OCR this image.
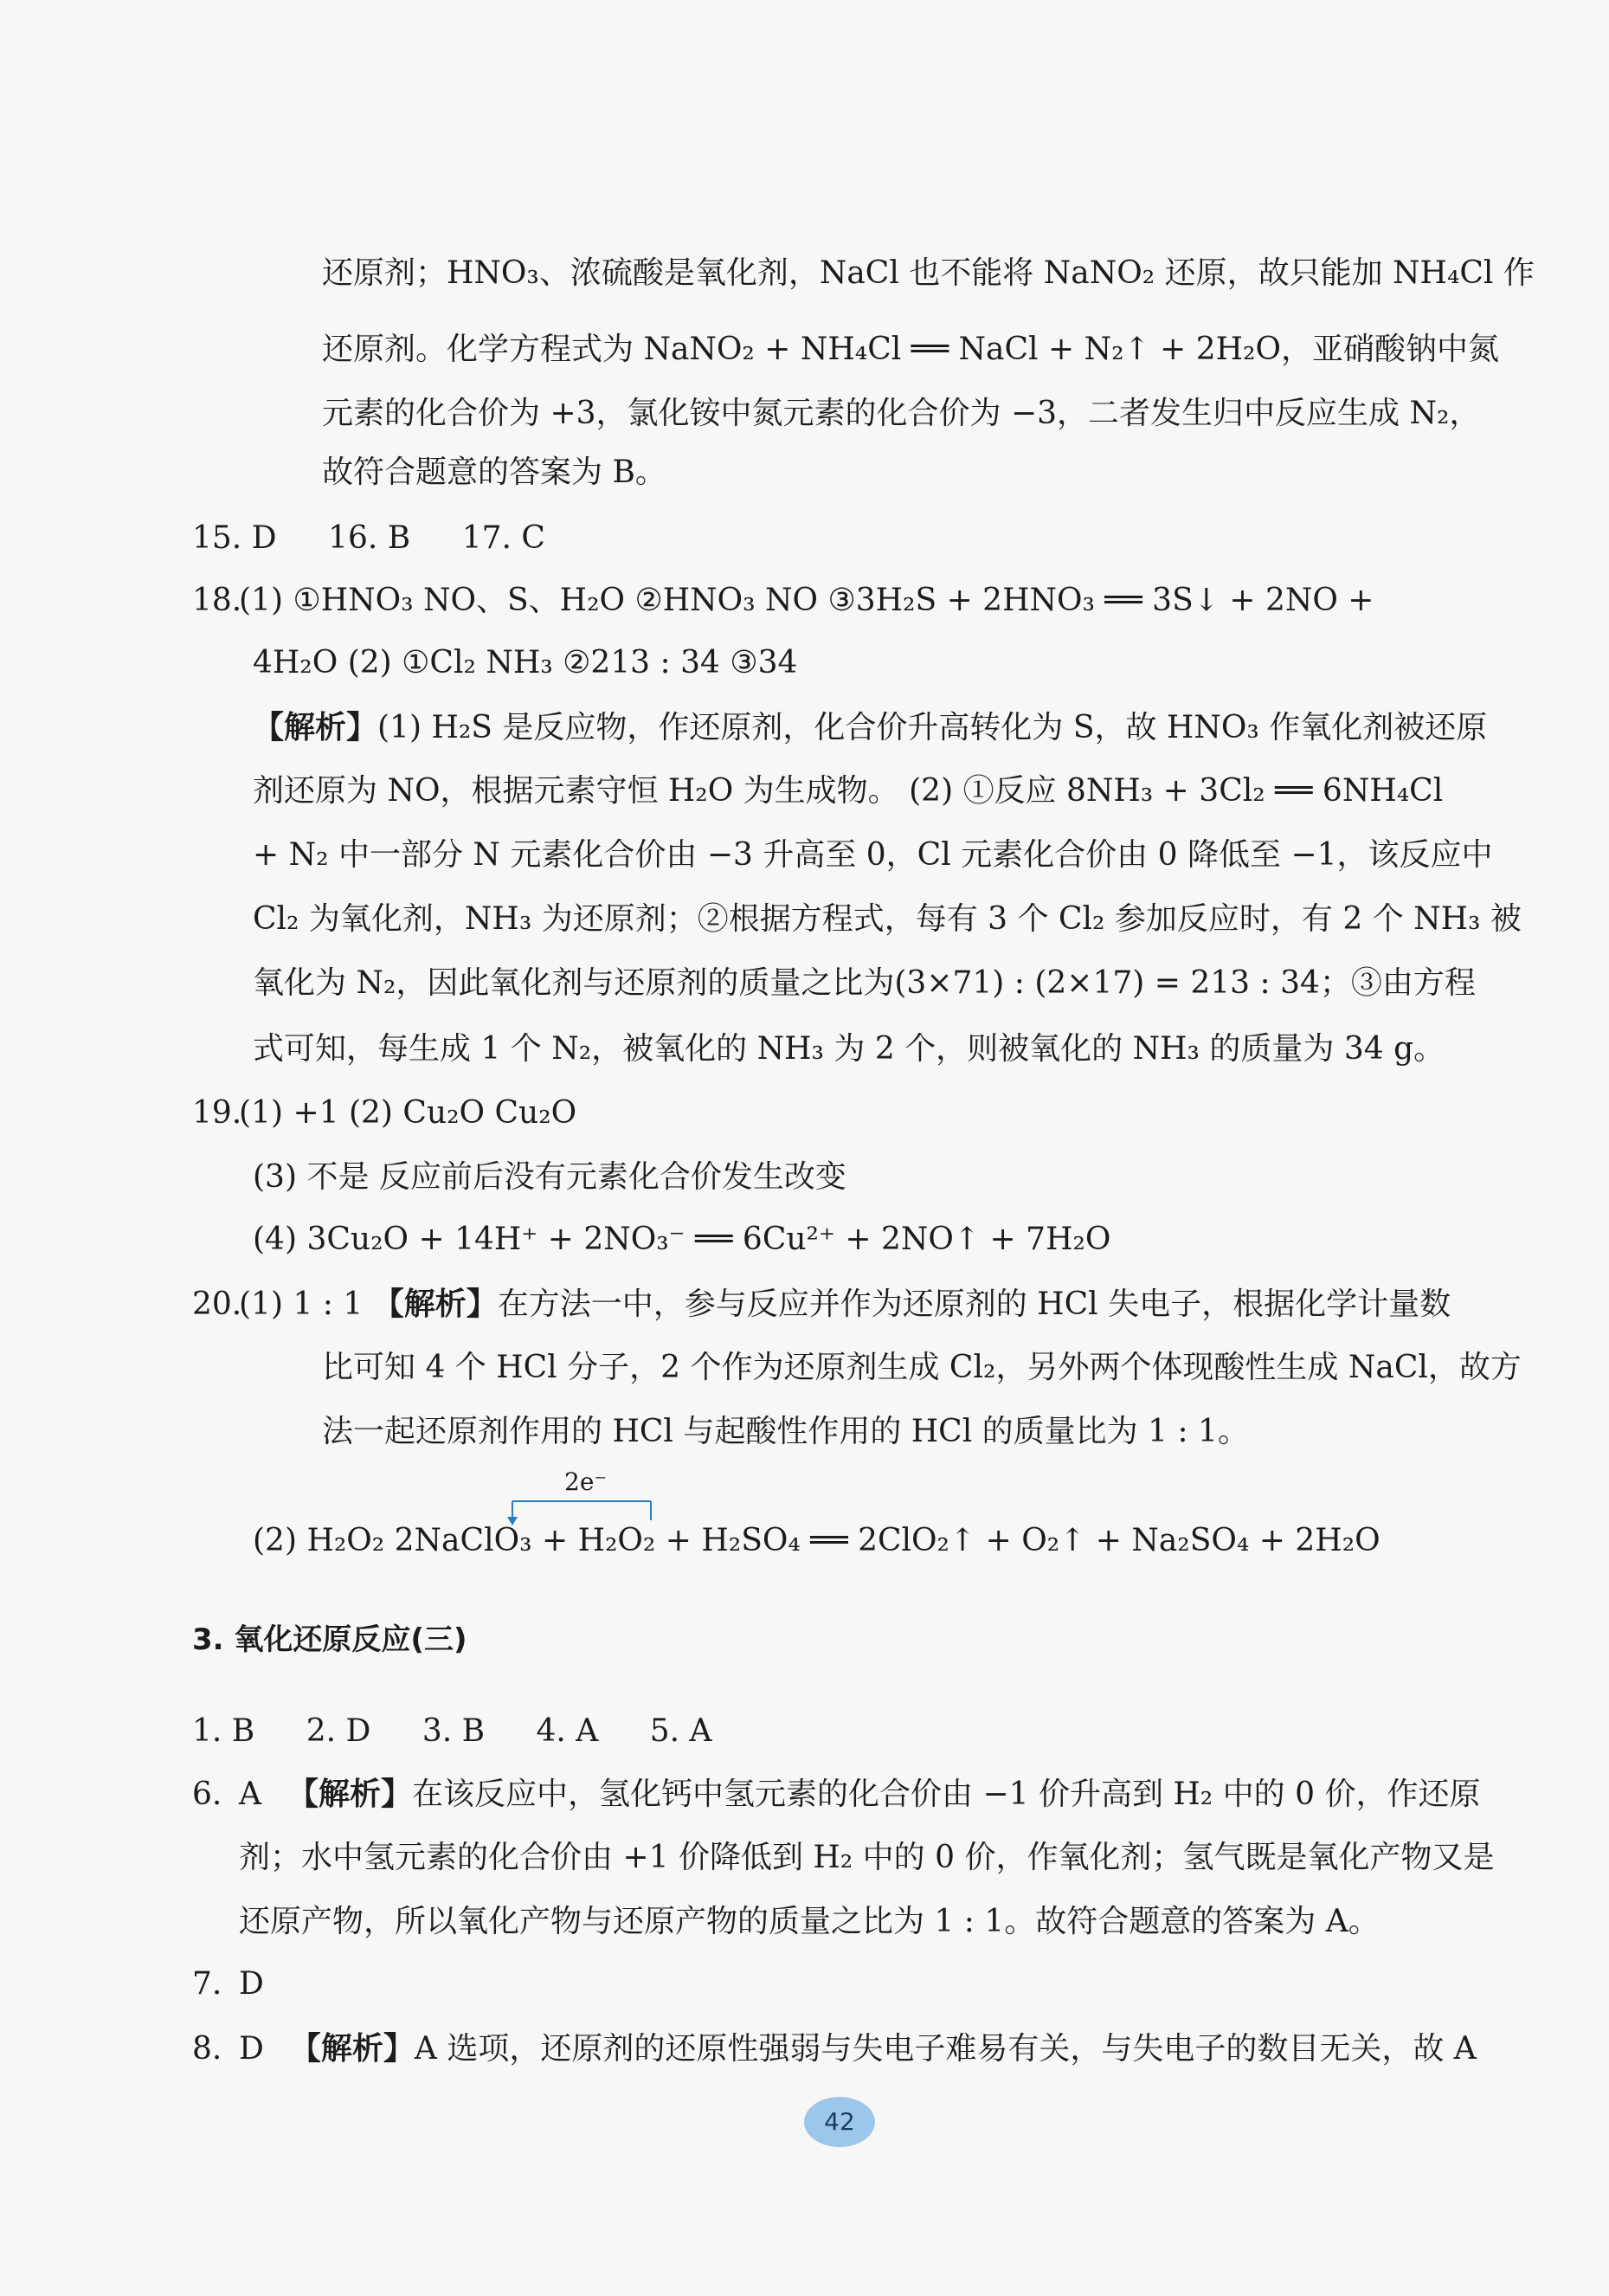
还原剂；HNO₃、浓硫酸是氧化剂，NaCl 也不能将 NaNO₂ 还原，故只能加 NH₄Cl 作
还原剂。化学方程式为 NaNO₂ + NH₄Cl ══ NaCl + N₂↑ + 2H₂O，亚硝酸钠中氮
元素的化合价为 +3，氯化铵中氮元素的化合价为 −3，二者发生归中反应生成 N₂，
故符合题意的答案为 B。
15. D 16. B 17. C
18.(1) ①HNO₃ NO、S、H₂O ②HNO₃ NO ③3H₂S + 2HNO₃ ══ 3S↓ + 2NO +
4H₂O (2) ①Cl₂ NH₃ ②213 : 34 ③34
【解析】(1) H₂S 是反应物，作还原剂，化合价升高转化为 S，故 HNO₃ 作氧化剂被还原
剂还原为 NO，根据元素守恒 H₂O 为生成物。 (2) ①反应 8NH₃ + 3Cl₂ ══ 6NH₄Cl
+ N₂ 中一部分 N 元素化合价由 −3 升高至 0，Cl 元素化合价由 0 降低至 −1，该反应中
Cl₂ 为氧化剂，NH₃ 为还原剂；②根据方程式，每有 3 个 Cl₂ 参加反应时，有 2 个 NH₃ 被
氧化为 N₂，因此氧化剂与还原剂的质量之比为(3×71) : (2×17) = 213 : 34；③由方程
式可知，每生成 1 个 N₂，被氧化的 NH₃ 为 2 个，则被氧化的 NH₃ 的质量为 34 g。
19.(1) +1 (2) Cu₂O Cu₂O
(3) 不是 反应前后没有元素化合价发生改变
(4) 3Cu₂O + 14H⁺ + 2NO₃⁻ ══ 6Cu²⁺ + 2NO↑ + 7H₂O
20.(1) 1 : 1 【解析】在方法一中，参与反应并作为还原剂的 HCl 失电子，根据化学计量数
比可知 4 个 HCl 分子，2 个作为还原剂生成 Cl₂，另外两个体现酸性生成 NaCl，故方
法一起还原剂作用的 HCl 与起酸性作用的 HCl 的质量比为 1 : 1。
2e⁻
(2) H₂O₂ 2NaClO₃ + H₂O₂ + H₂SO₄ ══ 2ClO₂↑ + O₂↑ + Na₂SO₄ + 2H₂O
3. 氧化还原反应(三)
1. B 2. D 3. B 4. A 5. A
6. A 【解析】在该反应中，氢化钙中氢元素的化合价由 −1 价升高到 H₂ 中的 0 价，作还原
剂；水中氢元素的化合价由 +1 价降低到 H₂ 中的 0 价，作氧化剂；氢气既是氧化产物又是
还原产物，所以氧化产物与还原产物的质量之比为 1 : 1。故符合题意的答案为 A。
7. D
8. D 【解析】A 选项，还原剂的还原性强弱与失电子难易有关，与失电子的数目无关，故 A
42
